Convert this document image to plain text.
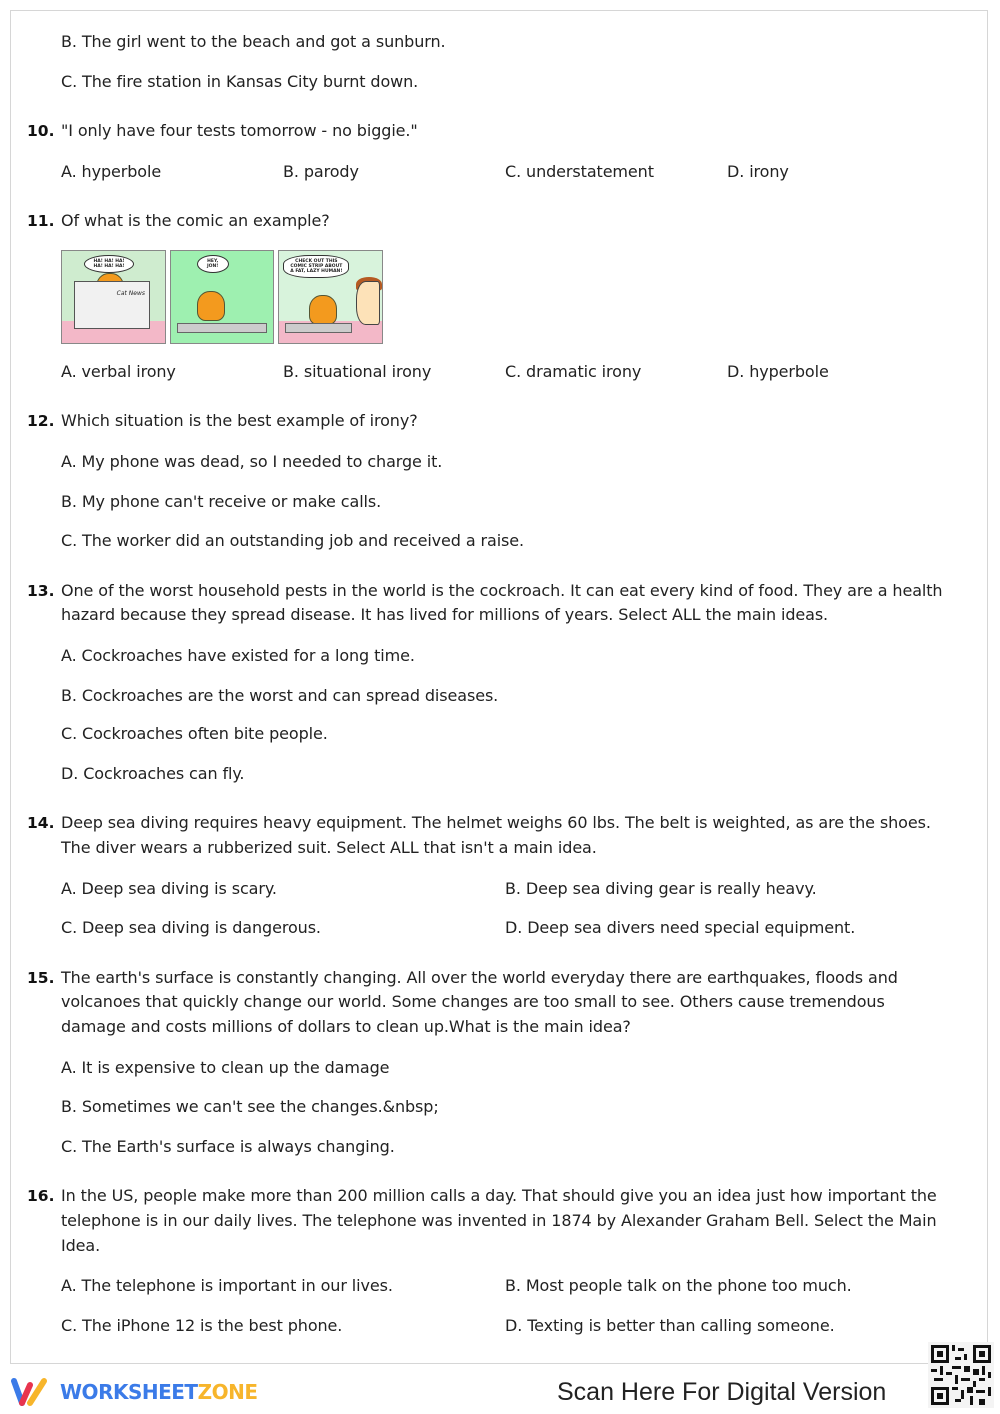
B. The girl went to the beach and got a sunburn.
C. The fire station in Kansas City burnt down.
10. "I only have four tests tomorrow - no biggie."
A. hyperbole	B. parody	C. understatement	D. irony
11. Of what is the comic an example?
HA! HA! HA! HA! HA! HA!
Cat News
HEY, JON!
CHECK OUT THIS COMIC STRIP ABOUT A FAT, LAZY HUMAN!
A. verbal irony	B. situational irony	C. dramatic irony	D. hyperbole
12. Which situation is the best example of irony?
A. My phone was dead, so I needed to charge it.
B. My phone can't receive or make calls.
C. The worker did an outstanding job and received a raise.
13. One of the worst household pests in the world is the cockroach. It can eat every kind of food. They are a health
hazard because they spread disease. It has lived for millions of years. Select ALL the main ideas.
A. Cockroaches have existed for a long time.
B. Cockroaches are the worst and can spread diseases.
C. Cockroaches often bite people.
D. Cockroaches can fly.
14. Deep sea diving requires heavy equipment. The helmet weighs 60 lbs. The belt is weighted, as are the shoes.
The diver wears a rubberized suit. Select ALL that isn't a main idea.
A. Deep sea diving is scary.	B. Deep sea diving gear is really heavy.
C. Deep sea diving is dangerous.	D. Deep sea divers need special equipment.
15. The earth's surface is constantly changing. All over the world everyday there are earthquakes, floods and
volcanoes that quickly change our world. Some changes are too small to see. Others cause tremendous
damage and costs millions of dollars to clean up.What is the main idea?
A. It is expensive to clean up the damage
B. Sometimes we can't see the changes.&nbsp;
C. The Earth's surface is always changing.
16. In the US, people make more than 200 million calls a day. That should give you an idea just how important the
telephone is in our daily lives. The telephone was invented in 1874 by Alexander Graham Bell. Select the Main
Idea.
A. The telephone is important in our lives.	B. Most people talk on the phone too much.
C. The iPhone 12 is the best phone.	D. Texting is better than calling someone.
WORKSHEETZONE	Scan Here For Digital Version
